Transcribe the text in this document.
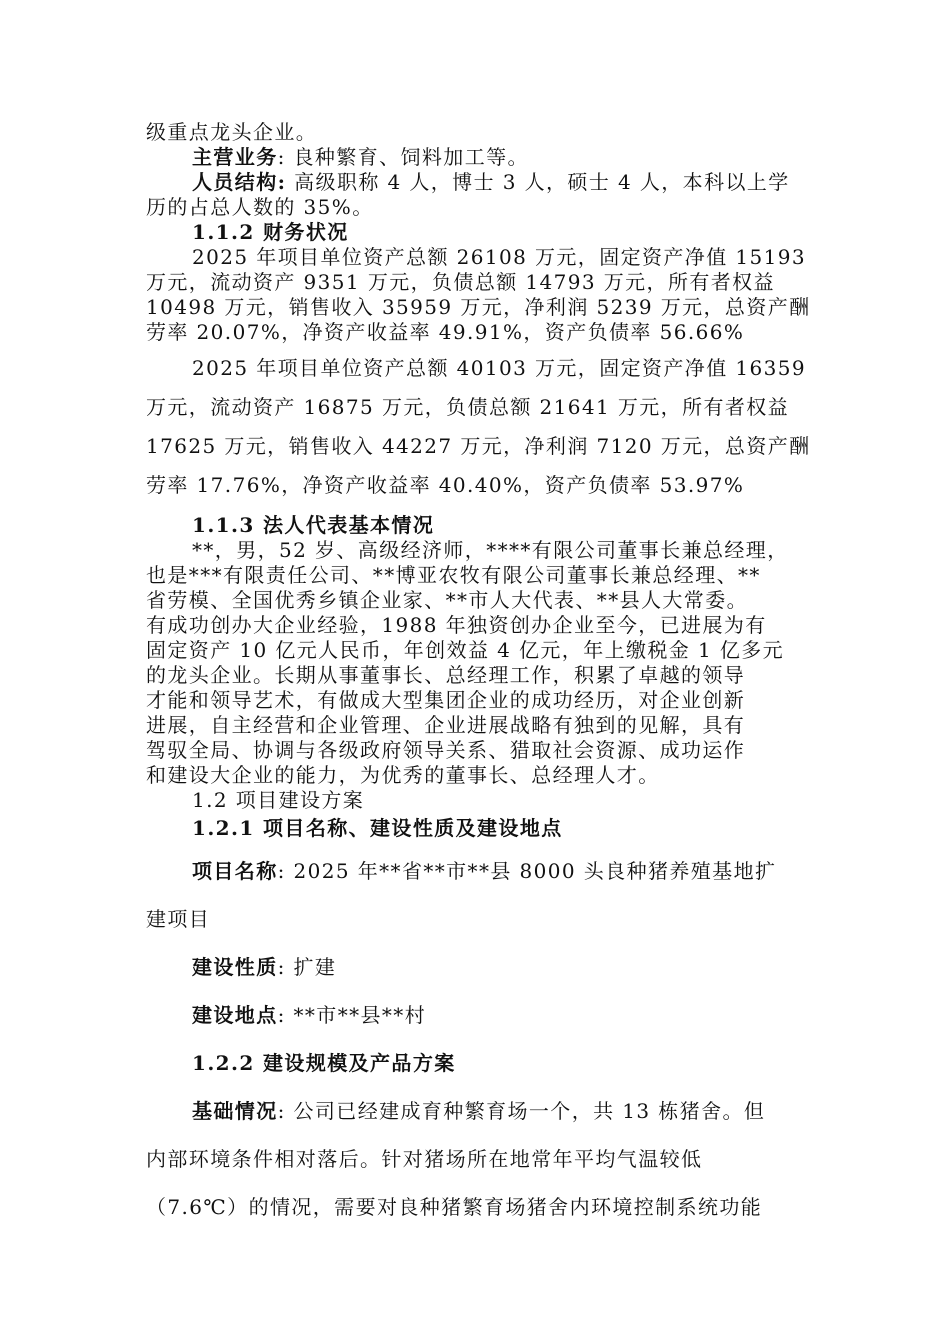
级重点龙头企业。
主营业务: 良种繁育、饲料加工等。
人员结构: 高级职称 4 人，博士 3 人，硕士 4 人，本科以上学
历的占总人数的 35%。
1.1.2 财务状况
2025 年项目单位资产总额 26108 万元，固定资产净值 15193
万元，流动资产 9351 万元，负债总额 14793 万元，所有者权益
10498 万元，销售收入 35959 万元，净利润 5239 万元，总资产酬
劳率 20.07%，净资产收益率 49.91%，资产负债率 56.66%
2025 年项目单位资产总额 40103 万元，固定资产净值 16359
万元，流动资产 16875 万元，负债总额 21641 万元，所有者权益
17625 万元，销售收入 44227 万元，净利润 7120 万元，总资产酬
劳率 17.76%，净资产收益率 40.40%，资产负债率 53.97%
1.1.3 法人代表基本情况
**，男，52 岁、高级经济师，****有限公司董事长兼总经理，
也是***有限责任公司、**博亚农牧有限公司董事长兼总经理、**
省劳模、全国优秀乡镇企业家、**市人大代表、**县人大常委。
有成功创办大企业经验，1988 年独资创办企业至今，已进展为有
固定资产 10 亿元人民币，年创效益 4 亿元，年上缴税金 1 亿多元
的龙头企业。长期从事董事长、总经理工作，积累了卓越的领导
才能和领导艺术，有做成大型集团企业的成功经历，对企业创新
进展，自主经营和企业管理、企业进展战略有独到的见解，具有
驾驭全局、协调与各级政府领导关系、猎取社会资源、成功运作
和建设大企业的能力，为优秀的董事长、总经理人才。
1.2 项目建设方案
1.2.1 项目名称、建设性质及建设地点
项目名称: 2025 年**省**市**县 8000 头良种猪养殖基地扩
建项目
建设性质: 扩建
建设地点: **市**县**村
1.2.2 建设规模及产品方案
基础情况: 公司已经建成育种繁育场一个，共 13 栋猪舍。但
内部环境条件相对落后。针对猪场所在地常年平均气温较低
（7.6℃）的情况，需要对良种猪繁育场猪舍内环境控制系统功能
